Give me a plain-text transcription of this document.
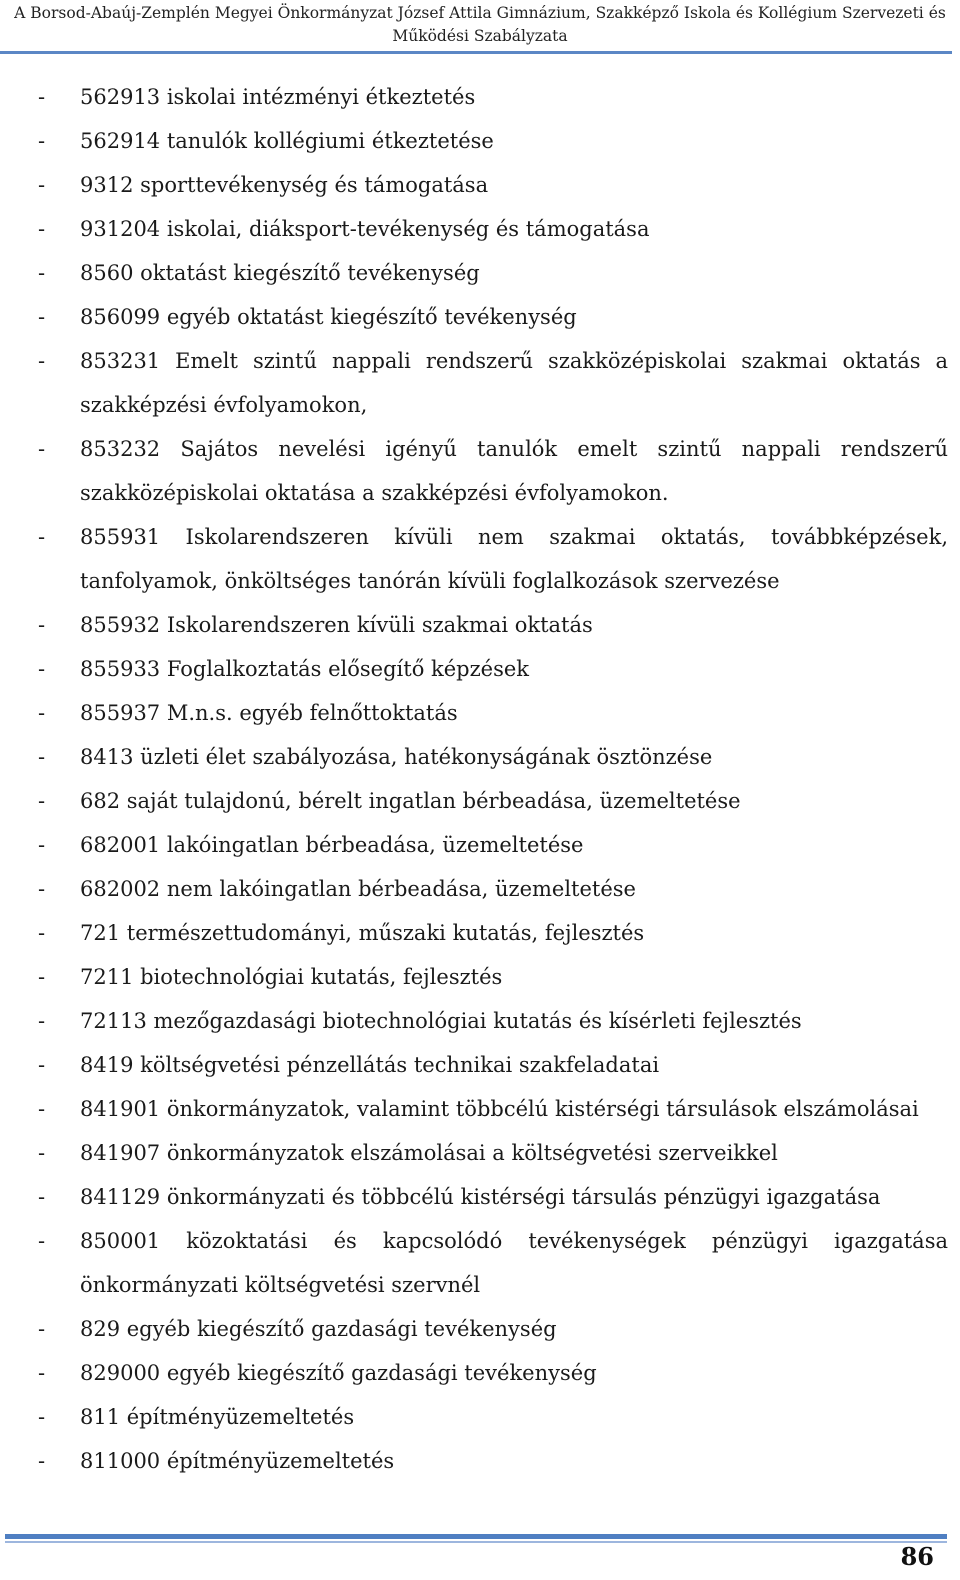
A Borsod-Abaúj-Zemplén Megyei Önkormányzat József Attila Gimnázium, Szakképző Iskola és Kollégium Szervezeti és
Működési Szabályzata
- 562913 iskolai intézményi étkeztetés
- 562914 tanulók kollégiumi étkeztetése
- 9312 sporttevékenység és támogatása
- 931204 iskolai, diáksport-tevékenység és támogatása
- 8560 oktatást kiegészítő tevékenység
- 856099 egyéb oktatást kiegészítő tevékenység
- 853231 Emelt szintű nappali rendszerű szakközépiskolai szakmai oktatás a szakképzési évfolyamokon,
- 853232 Sajátos nevelési igényű tanulók emelt szintű nappali rendszerű szakközépiskolai oktatása a szakképzési évfolyamokon.
- 855931 Iskolarendszeren kívüli nem szakmai oktatás, továbbképzések, tanfolyamok, önköltséges tanórán kívüli foglalkozások szervezése
- 855932 Iskolarendszeren kívüli szakmai oktatás
- 855933 Foglalkoztatás elősegítő képzések
- 855937 M.n.s. egyéb felnőttoktatás
- 8413 üzleti élet szabályozása, hatékonyságának ösztönzése
- 682 saját tulajdonú, bérelt ingatlan bérbeadása, üzemeltetése
- 682001 lakóingatlan bérbeadása, üzemeltetése
- 682002 nem lakóingatlan bérbeadása, üzemeltetése
- 721 természettudományi, műszaki kutatás, fejlesztés
- 7211 biotechnológiai kutatás, fejlesztés
- 72113 mezőgazdasági biotechnológiai kutatás és kísérleti fejlesztés
- 8419 költségvetési pénzellátás technikai szakfeladatai
- 841901 önkormányzatok, valamint többcélú kistérségi társulások elszámolásai
- 841907 önkormányzatok elszámolásai a költségvetési szerveikkel
- 841129 önkormányzati és többcélú kistérségi társulás pénzügyi igazgatása
- 850001 közoktatási és kapcsolódó tevékenységek pénzügyi igazgatása önkormányzati költségvetési szervnél
- 829 egyéb kiegészítő gazdasági tevékenység
- 829000 egyéb kiegészítő gazdasági tevékenység
- 811 építményüzemeltetés
- 811000 építményüzemeltetés
86
